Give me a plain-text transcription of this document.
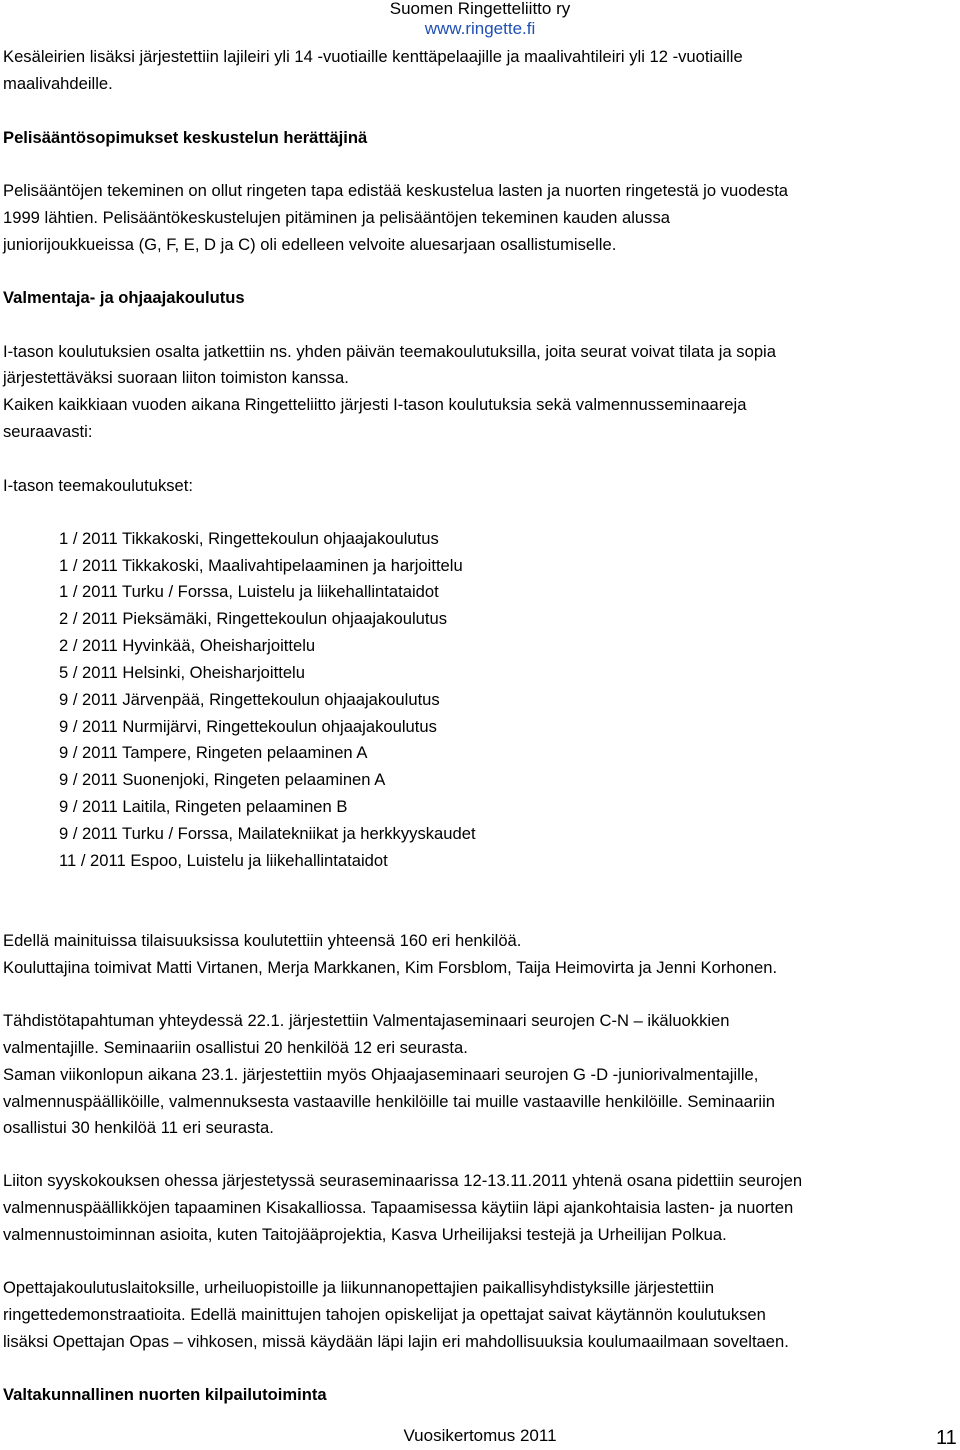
Suomen Ringetteliitto ry
www.ringette.fi
Kesäleirien lisäksi järjestettiin lajileiri yli 14 -vuotiaille kenttäpelaajille ja maalivahtileiri yli 12 -vuotiaille
maalivahdeille.
Pelisääntösopimukset keskustelun herättäjinä
Pelisääntöjen tekeminen on ollut ringeten tapa edistää keskustelua lasten ja nuorten ringetestä jo vuodesta
1999 lähtien. Pelisääntökeskustelujen pitäminen ja pelisääntöjen tekeminen kauden alussa
juniorijoukkueissa (G, F, E, D ja C) oli edelleen velvoite aluesarjaan osallistumiselle.
Valmentaja- ja ohjaajakoulutus
I-tason koulutuksien osalta jatkettiin ns. yhden päivän teemakoulutuksilla, joita seurat voivat tilata ja sopia
järjestettäväksi suoraan liiton toimiston kanssa.
Kaiken kaikkiaan vuoden aikana Ringetteliitto järjesti I-tason koulutuksia sekä valmennusseminaareja
seuraavasti:
I-tason teemakoulutukset:
1 / 2011 Tikkakoski, Ringettekoulun ohjaajakoulutus
1 / 2011 Tikkakoski, Maalivahtipelaaminen ja harjoittelu
1 / 2011 Turku / Forssa, Luistelu ja liikehallintataidot
2 / 2011 Pieksämäki, Ringettekoulun ohjaajakoulutus
2 / 2011 Hyvinkää, Oheisharjoittelu
5 / 2011 Helsinki, Oheisharjoittelu
9 / 2011 Järvenpää, Ringettekoulun ohjaajakoulutus
9 / 2011 Nurmijärvi, Ringettekoulun ohjaajakoulutus
9 / 2011 Tampere, Ringeten pelaaminen A
9 / 2011 Suonenjoki, Ringeten pelaaminen A
9 / 2011 Laitila, Ringeten pelaaminen B
9 / 2011 Turku / Forssa, Mailatekniikat ja herkkyyskaudet
11 / 2011 Espoo, Luistelu ja liikehallintataidot
Edellä mainituissa tilaisuuksissa koulutettiin yhteensä 160 eri henkilöä.
Kouluttajina toimivat Matti Virtanen, Merja Markkanen, Kim Forsblom, Taija Heimovirta ja Jenni Korhonen.
Tähdistötapahtuman yhteydessä 22.1. järjestettiin Valmentajaseminaari seurojen C-N – ikäluokkien
valmentajille. Seminaariin osallistui 20 henkilöä 12 eri seurasta.
Saman viikonlopun aikana 23.1. järjestettiin myös Ohjaajaseminaari seurojen G -D -juniorivalmentajille,
valmennuspäälliköille, valmennuksesta vastaaville henkilöille tai muille vastaaville henkilöille. Seminaariin
osallistui 30 henkilöä 11 eri seurasta.
Liiton syyskokouksen ohessa järjestetyssä seuraseminaarissa 12-13.11.2011 yhtenä osana pidettiin seurojen
valmennuspäällikköjen tapaaminen Kisakalliossa. Tapaamisessa käytiin läpi ajankohtaisia lasten- ja nuorten
valmennustoiminnan asioita, kuten Taitojääprojektia, Kasva Urheilijaksi testejä ja Urheilijan Polkua.
Opettajakoulutuslaitoksille, urheiluopistoille ja liikunnanopettajien paikallisyhdistyksille järjestettiin
ringettedemonstraatioita. Edellä mainittujen tahojen opiskelijat ja opettajat saivat käytännön koulutuksen
lisäksi Opettajan Opas – vihkosen, missä käydään läpi lajin eri mahdollisuuksia koulumaailmaan soveltaen.
Valtakunnallinen nuorten kilpailutoiminta
Vuosikertomus 2011	11
